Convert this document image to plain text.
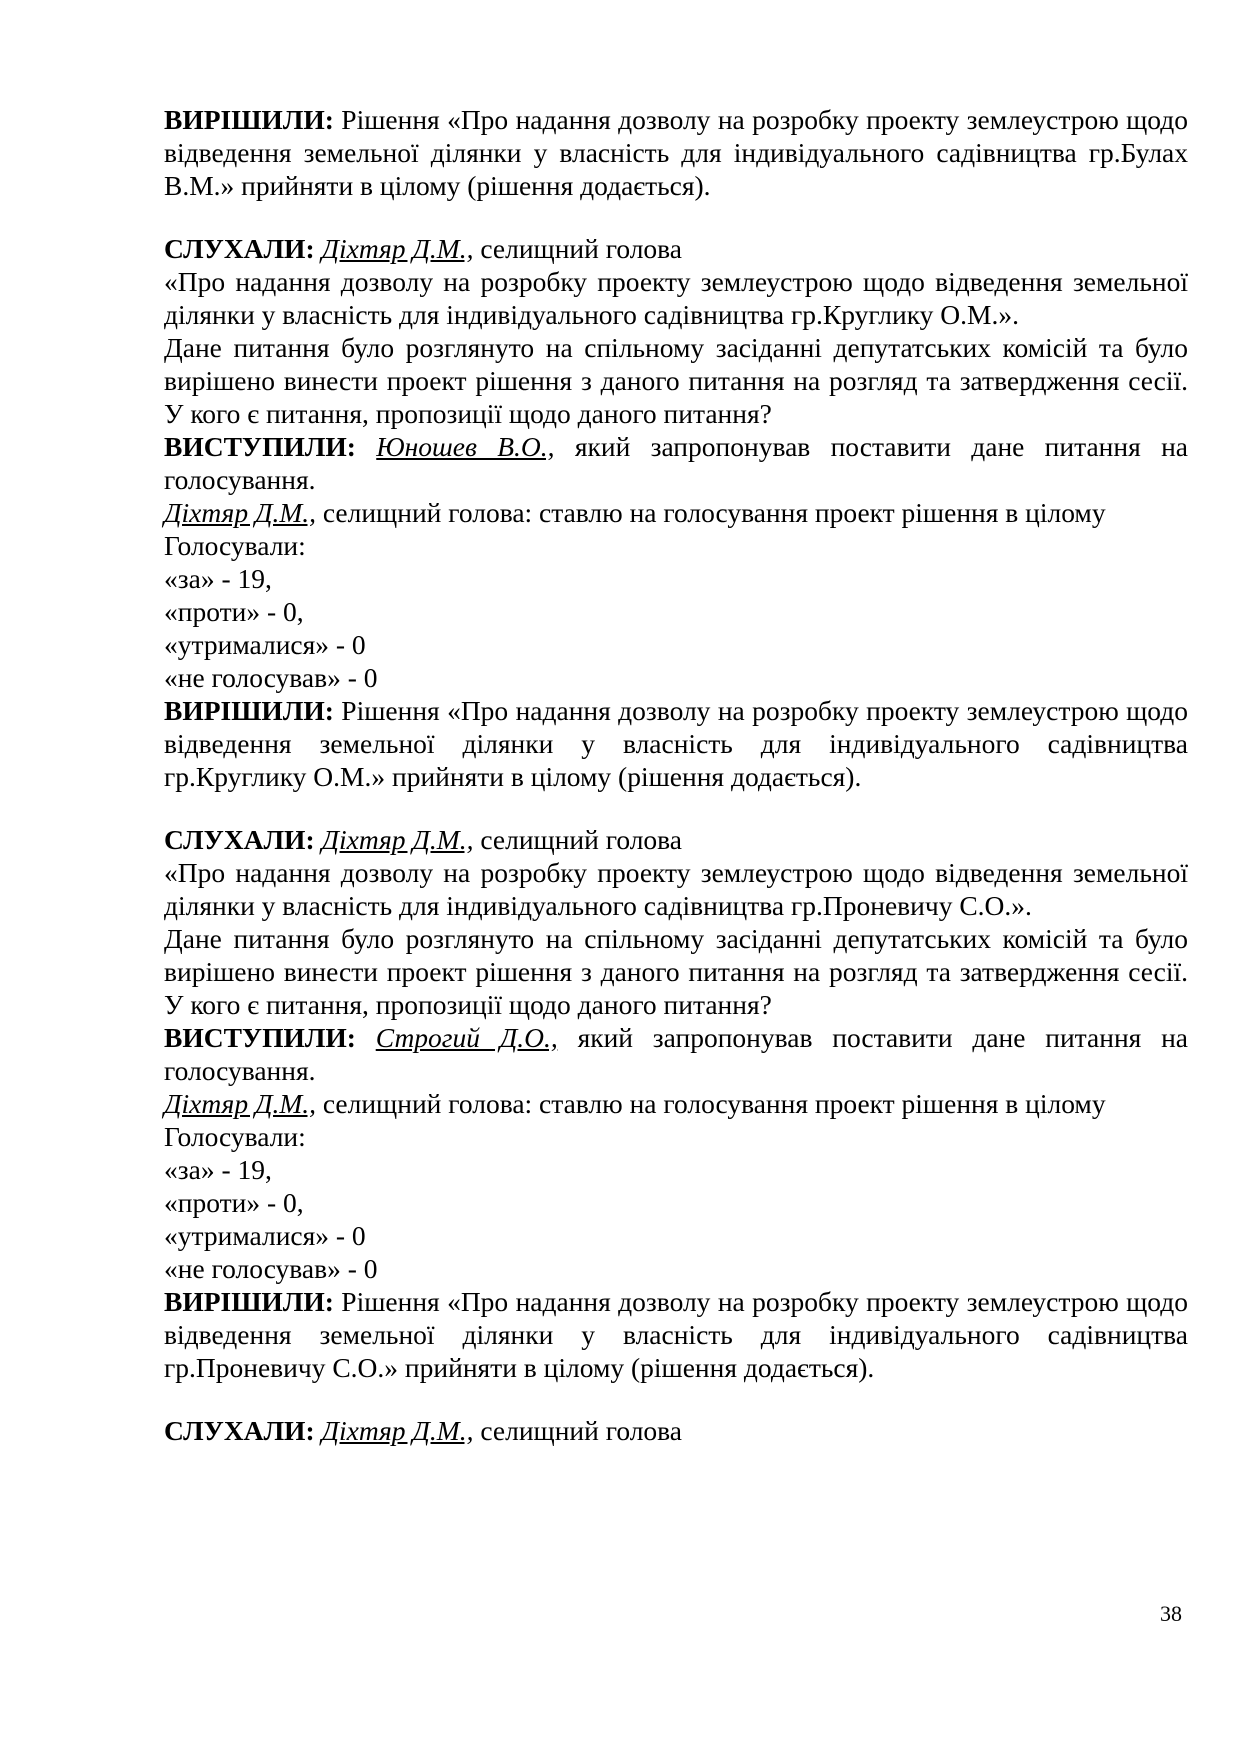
ВИРІШИЛИ: Рішення «Про надання дозволу на розробку проекту землеустрою щодо відведення земельної ділянки у власність для індивідуального садівництва гр.Булах В.М.» прийняти в цілому (рішення додається).

СЛУХАЛИ: Діхтяр Д.М., селищний голова

«Про надання дозволу на розробку проекту землеустрою щодо відведення земельної ділянки у власність для індивідуального садівництва гр.Круглику О.М.».

Дане питання було розглянуто на спільному засіданні депутатських комісій та було вирішено винести проект рішення з даного питання на розгляд та затвердження сесії. У кого є питання, пропозиції щодо даного питання?

ВИСТУПИЛИ: Юношев В.О., який запропонував поставити дане питання на голосування.

Діхтяр Д.М., селищний голова: ставлю на голосування проект рішення в цілому

Голосували:

«за» - 19,

«проти» - 0,

«утрималися» - 0

«не голосував» - 0

ВИРІШИЛИ: Рішення «Про надання дозволу на розробку проекту землеустрою щодо відведення земельної ділянки у власність для індивідуального садівництва гр.Круглику О.М.» прийняти в цілому (рішення додається).

СЛУХАЛИ: Діхтяр Д.М., селищний голова

«Про надання дозволу на розробку проекту землеустрою щодо відведення земельної ділянки у власність для індивідуального садівництва гр.Проневичу С.О.».

Дане питання було розглянуто на спільному засіданні депутатських комісій та було вирішено винести проект рішення з даного питання на розгляд та затвердження сесії. У кого є питання, пропозиції щодо даного питання?

ВИСТУПИЛИ: Строгий Д.О., який запропонував поставити дане питання на голосування.

Діхтяр Д.М., селищний голова: ставлю на голосування проект рішення в цілому

Голосували:

«за» - 19,

«проти» - 0,

«утрималися» - 0

«не голосував» - 0

ВИРІШИЛИ: Рішення «Про надання дозволу на розробку проекту землеустрою щодо відведення земельної ділянки у власність для індивідуального садівництва гр.Проневичу С.О.» прийняти в цілому (рішення додається).

СЛУХАЛИ: Діхтяр Д.М., селищний голова

38
